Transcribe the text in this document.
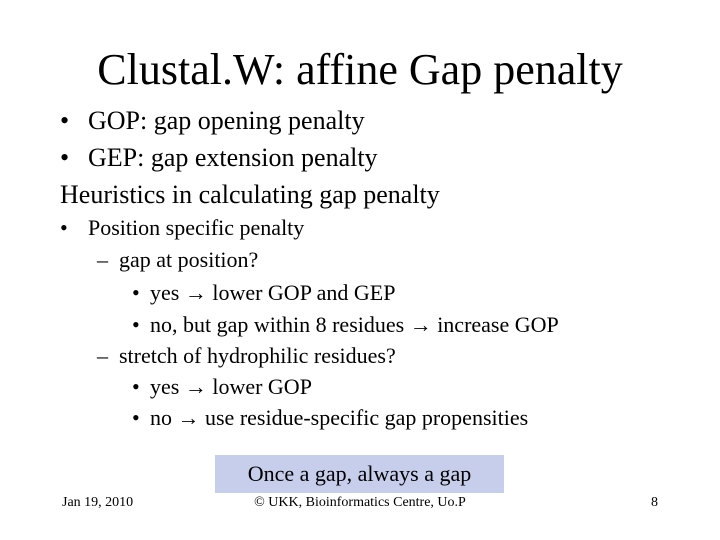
Clustal.W: affine Gap penalty
• GOP: gap opening penalty
• GEP: gap extension penalty
Heuristics in calculating gap penalty
• Position specific penalty
– gap at position?
• yes → lower GOP and GEP
• no, but gap within 8 residues → increase GOP
– stretch of hydrophilic residues?
• yes → lower GOP
• no → use residue-specific gap propensities
Once a gap, always a gap
Jan 19, 2010	© UKK, Bioinformatics Centre, Uo.P	8
